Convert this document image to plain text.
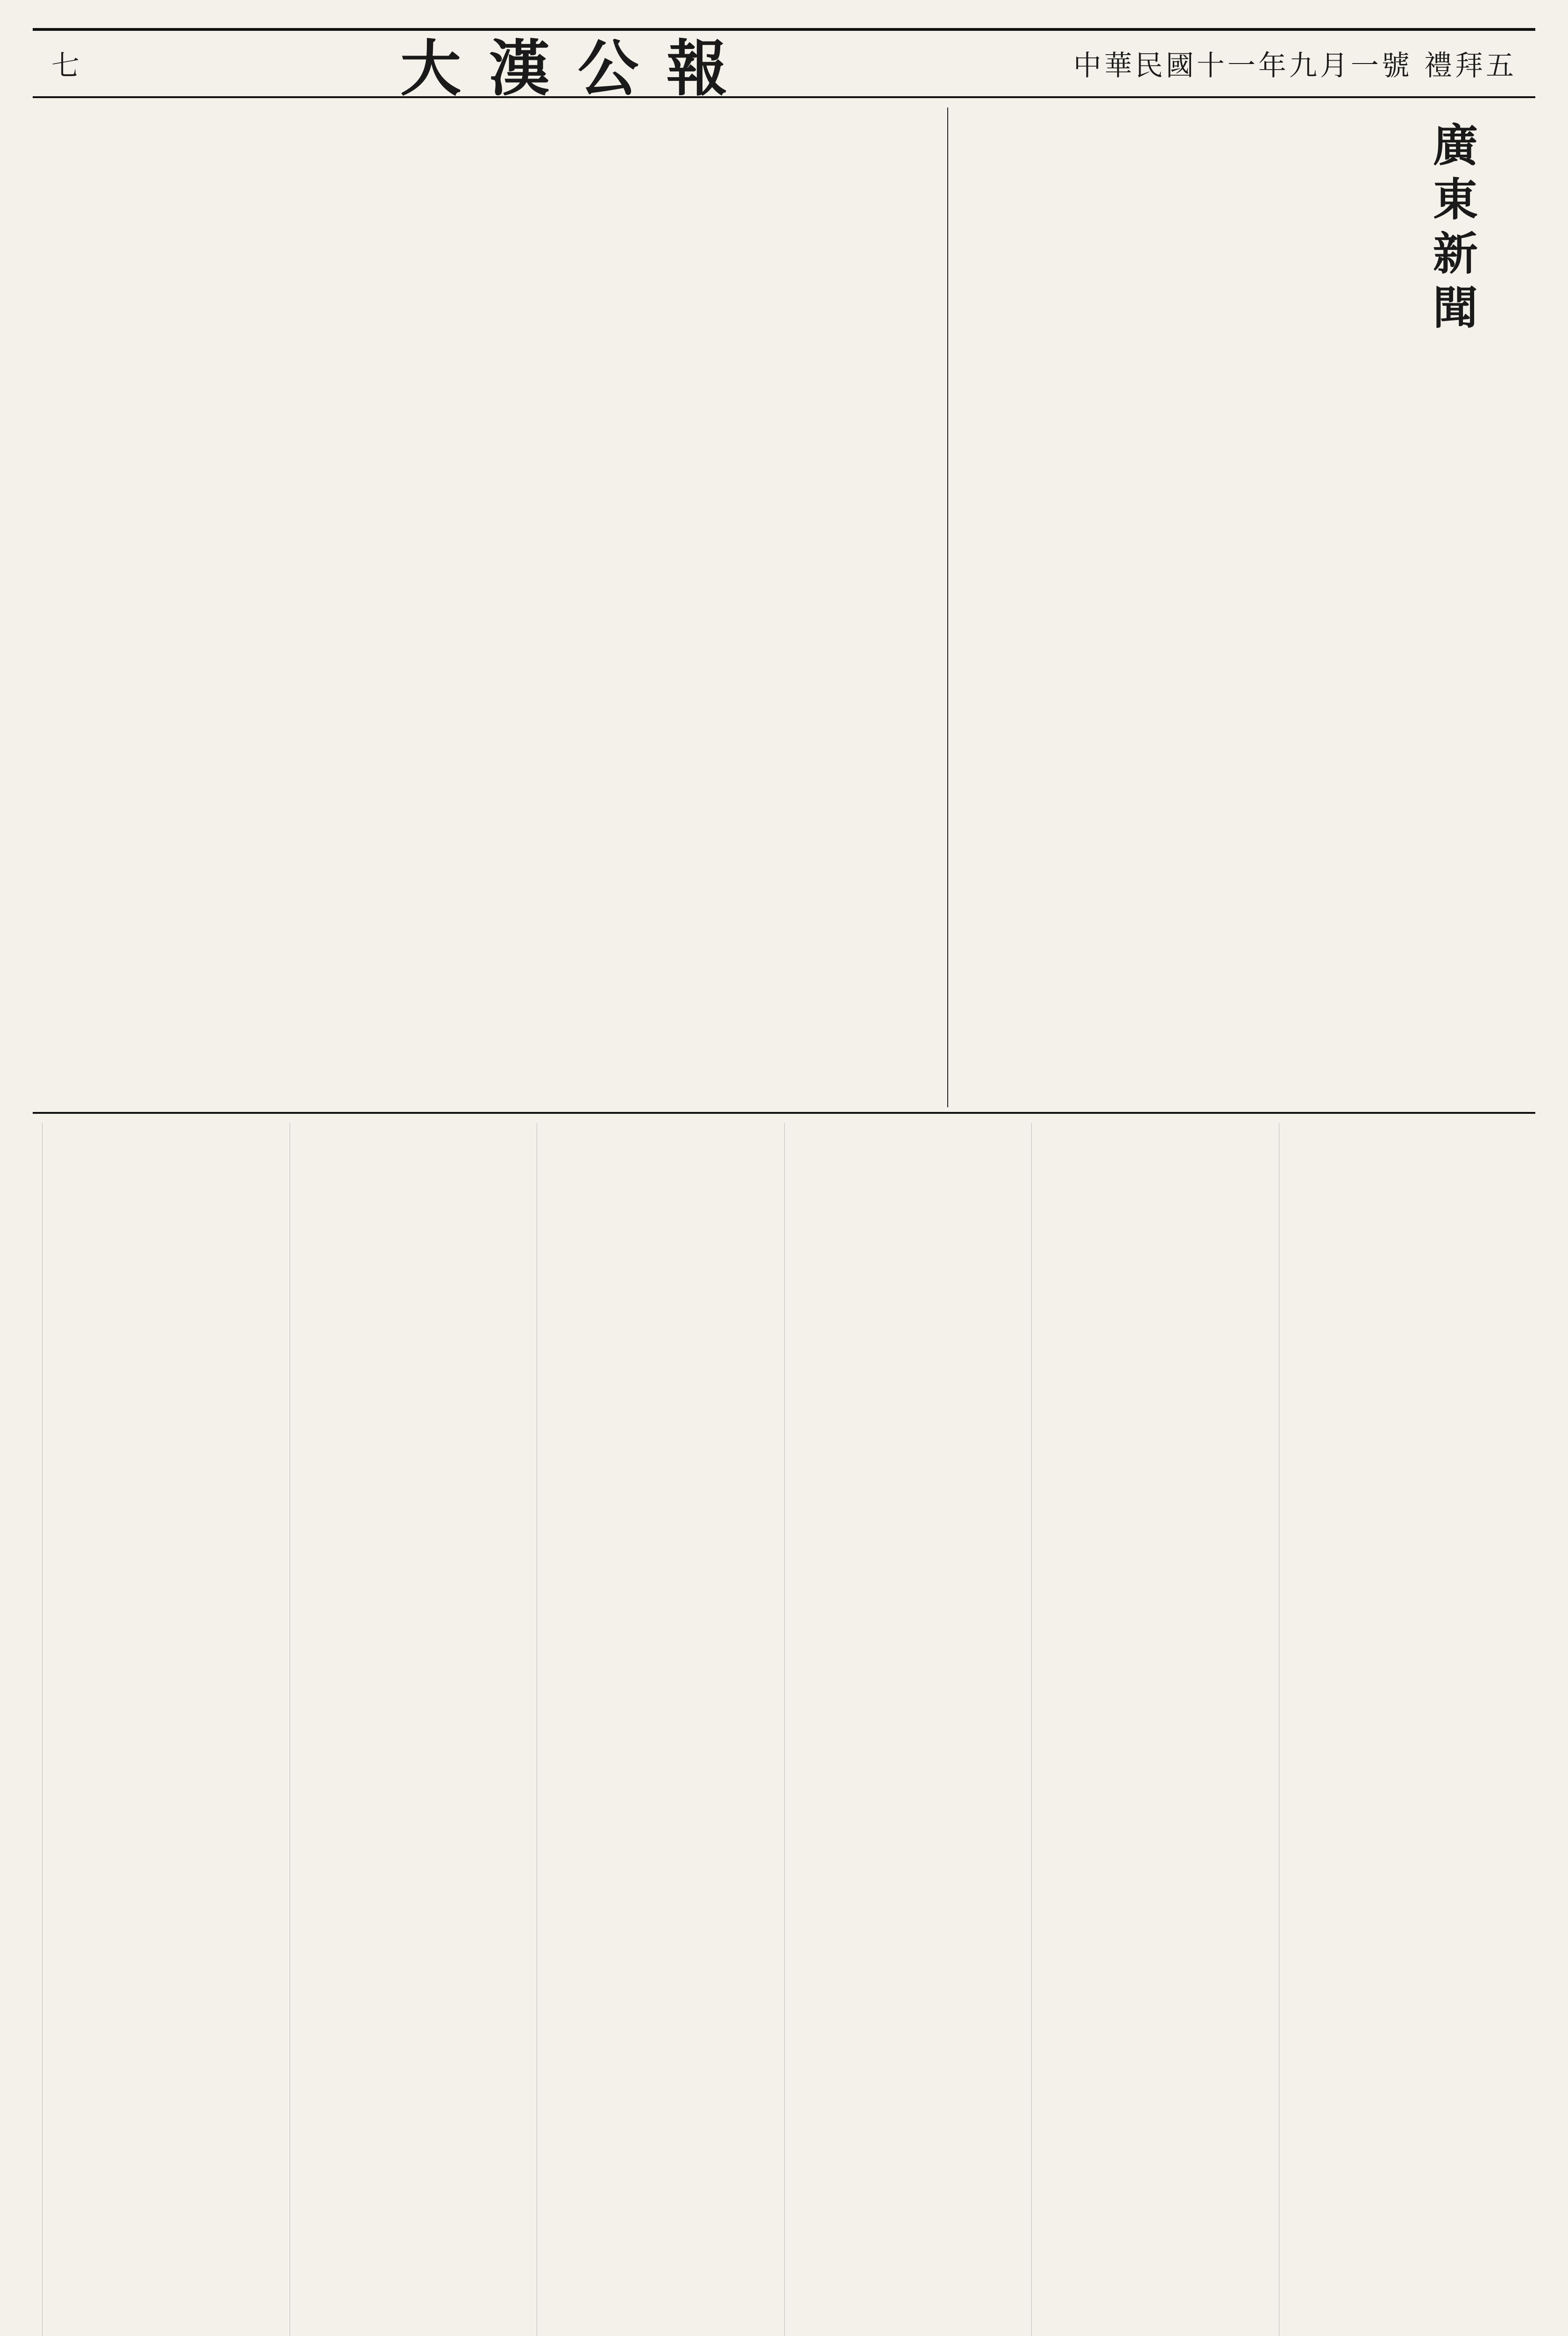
七	大漢公報	中華民國十一年九月一號 禮拜五
廣東新聞
